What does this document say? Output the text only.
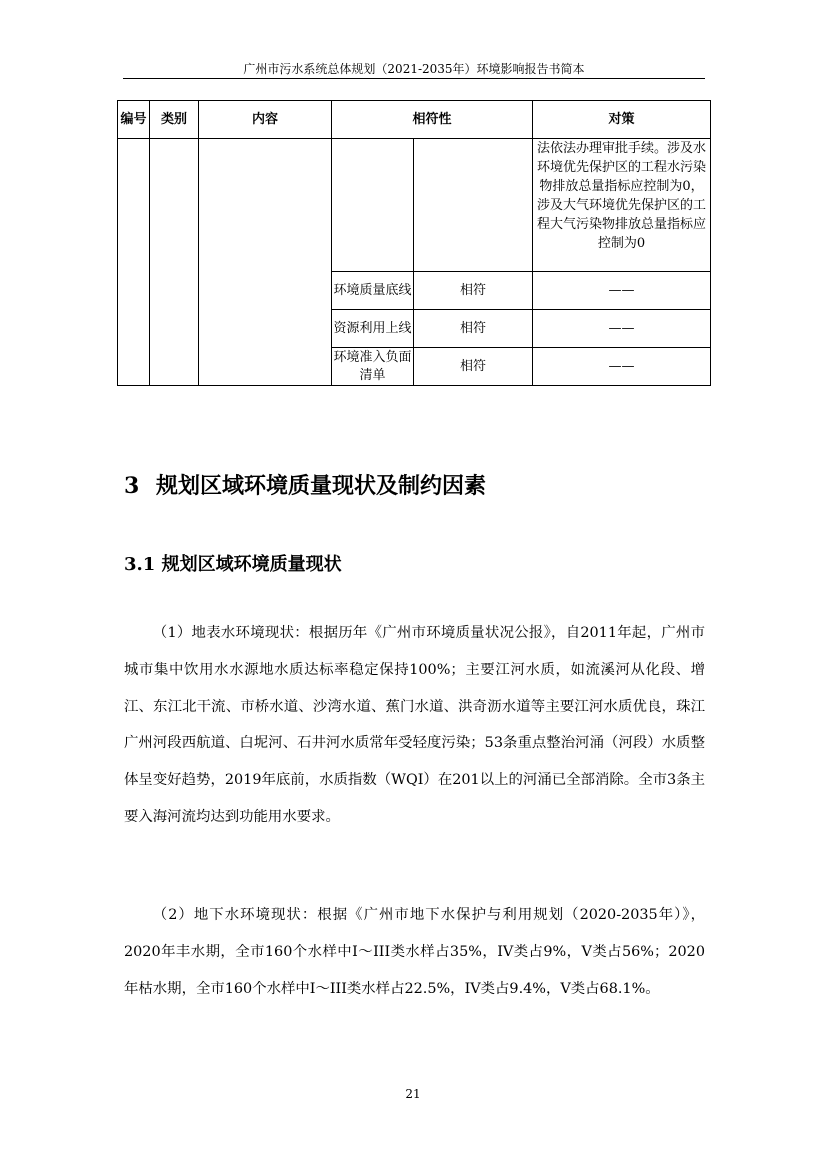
广州市污水系统总体规划（2021-2035年）环境影响报告书简本
编号	类别	内容	相符性		对策
					法依法办理审批手续。涉及水环境优先保护区的工程水污染物排放总量指标应控制为0，涉及大气环境优先保护区的工程大气污染物排放总量指标应控制为0
			环境质量底线	相符	——
			资源利用上线	相符	——
			环境准入负面清单	相符	——
3 规划区域环境质量现状及制约因素
3.1 规划区域环境质量现状

（1）地表水环境现状：根据历年《广州市环境质量状况公报》，自2011年起，广州市城市集中饮用水水源地水质达标率稳定保持100%；主要江河水质，如流溪河从化段、增江、东江北干流、市桥水道、沙湾水道、蕉门水道、洪奇沥水道等主要江河水质优良，珠江广州河段西航道、白坭河、石井河水质常年受轻度污染；53条重点整治河涌（河段）水质整体呈变好趋势，2019年底前，水质指数（WQI）在201以上的河涌已全部消除。全市3条主要入海河流均达到功能用水要求。

（2）地下水环境现状：根据《广州市地下水保护与利用规划（2020-2035年）》，2020年丰水期，全市160个水样中I～III类水样占35%，IV类占9%，V类占56%；2020年枯水期，全市160个水样中I～III类水样占22.5%，IV类占9.4%，V类占68.1%。

21
